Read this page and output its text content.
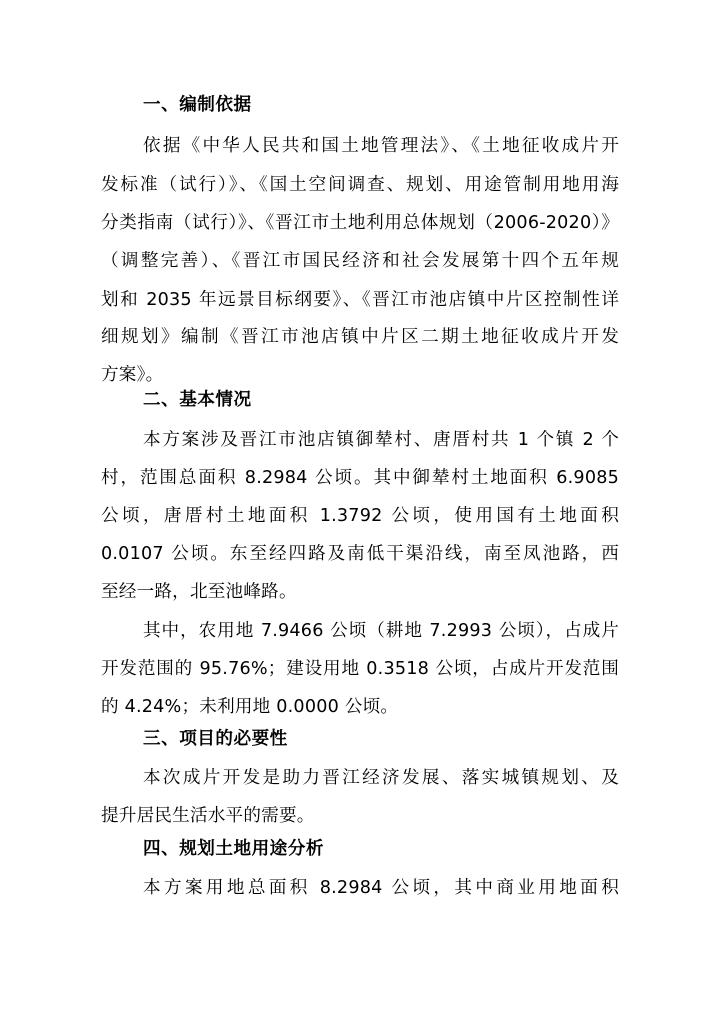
一、编制依据
依据《中华人民共和国土地管理法》、《土地征收成片开
发标准（试行）》、《国土空间调查、规划、用途管制用地用海
分类指南（试行）》、《晋江市土地利用总体规划（2006-2020）》
（调整完善）、《晋江市国民经济和社会发展第十四个五年规
划和 2035 年远景目标纲要》、《晋江市池店镇中片区控制性详
细规划》编制《晋江市池店镇中片区二期土地征收成片开发
方案》。
二、基本情况
本方案涉及晋江市池店镇御辇村、唐厝村共 1 个镇 2 个
村，范围总面积 8.2984 公顷。其中御辇村土地面积 6.9085
公顷，唐厝村土地面积 1.3792 公顷，使用国有土地面积
0.0107 公顷。东至经四路及南低干渠沿线，南至凤池路，西
至经一路，北至池峰路。
其中，农用地 7.9466 公顷（耕地 7.2993 公顷），占成片
开发范围的 95.76%；建设用地 0.3518 公顷，占成片开发范围
的 4.24%；未利用地 0.0000 公顷。
三、项目的必要性
本次成片开发是助力晋江经济发展、落实城镇规划、及
提升居民生活水平的需要。
四、规划土地用途分析
本方案用地总面积 8.2984 公顷，其中商业用地面积
